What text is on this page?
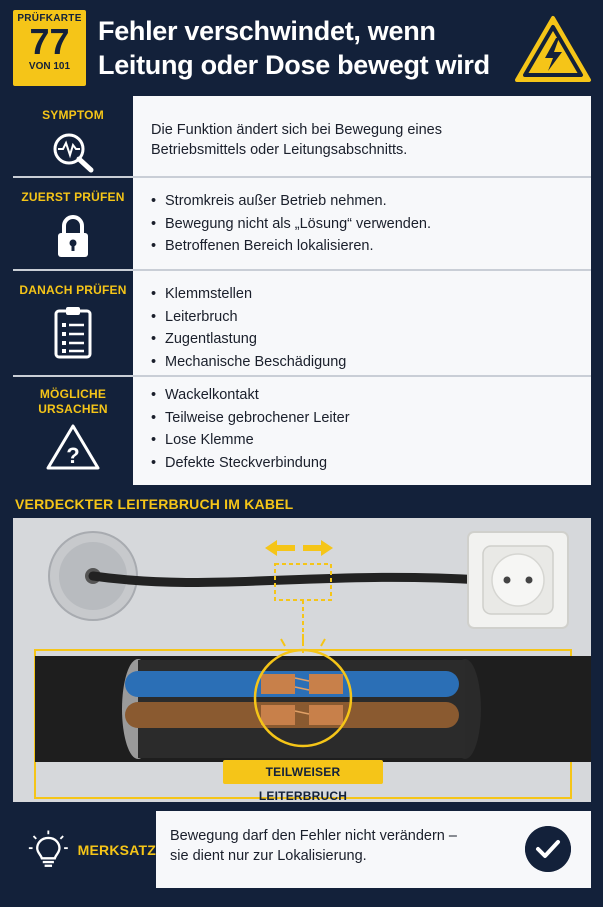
PRÜFKARTE
77
VON 101
Fehler verschwindet, wenn
Leitung oder Dose bewegt wird
SYMPTOM

Die Funktion ändert sich bei Bewegung eines Betriebsmittels oder Leitungsabschnitts.

ZUERST PRÜFEN	• Stromkreis außer Betrieb nehmen.
• Bewegung nicht als „Lösung“ verwenden.
• Betroffenen Bereich lokalisieren.
DANACH PRÜFEN	• Klemmstellen
• Leiterbruch
• Zugentlastung
• Mechanische Beschädigung
MÖGLICHE
URSACHEN
?
• Wackelkontakt
• Teilweise gebrochener Leiter
• Lose Klemme
• Defekte Steckverbindung
VERDECKTER LEITERBRUCH IM KABEL
TEILWEISER LEITERBRUCH
MERKSATZ
Bewegung darf den Fehler nicht verändern –
sie dient nur zur Lokalisierung.
